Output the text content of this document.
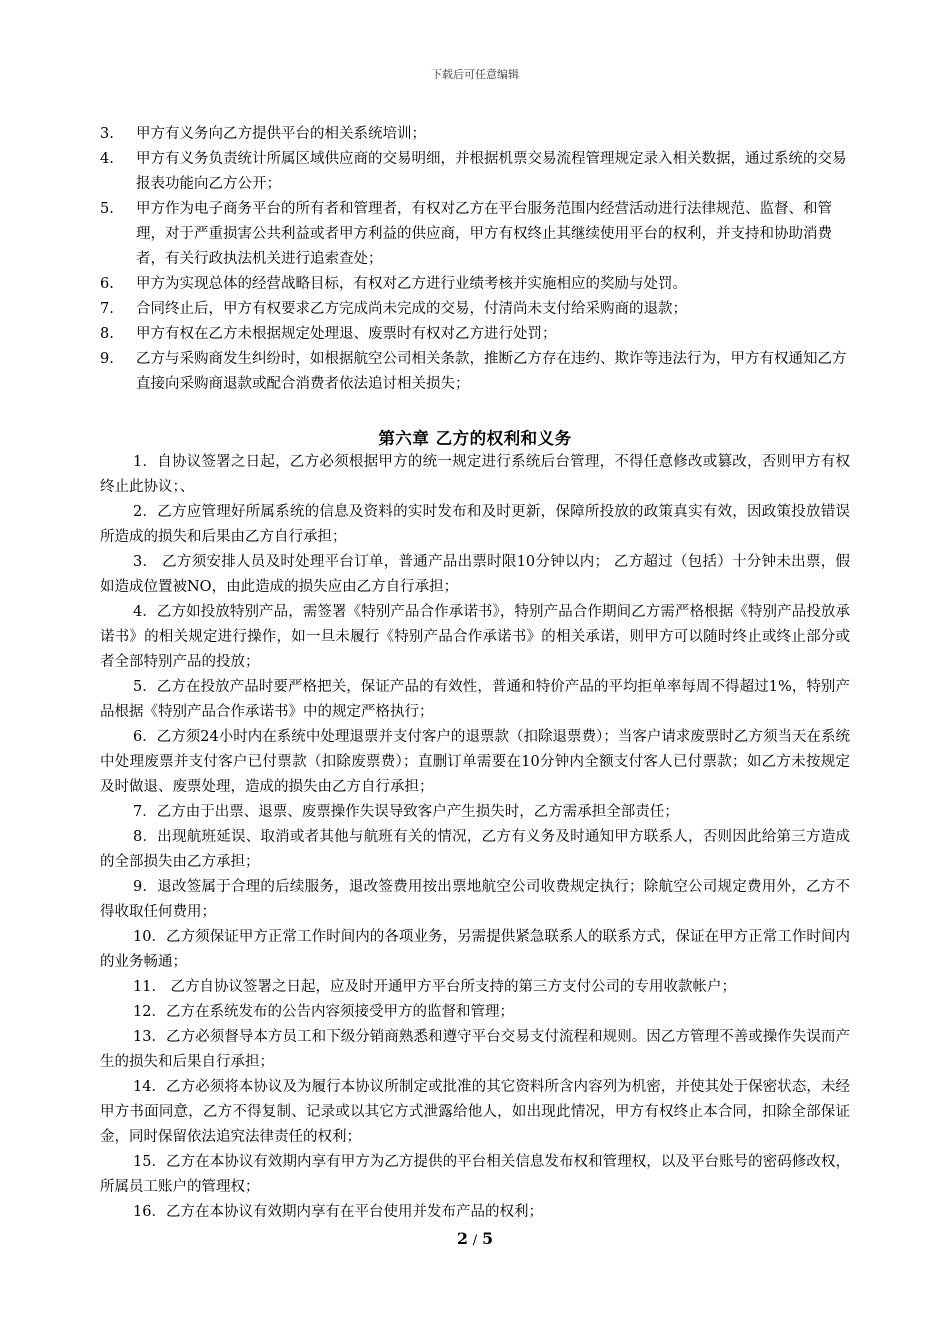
下载后可任意编辑
3. 甲方有义务向乙方提供平台的相关系统培训；
4. 甲方有义务负责统计所属区域供应商的交易明细，并根据机票交易流程管理规定录入相关数据，通过系统的交易报表功能向乙方公开；
5. 甲方作为电子商务平台的所有者和管理者，有权对乙方在平台服务范围内经营活动进行法律规范、监督、和管理，对于严重损害公共利益或者甲方利益的供应商，甲方有权终止其继续使用平台的权利，并支持和协助消费者，有关行政执法机关进行追索查处；
6. 甲方为实现总体的经营战略目标，有权对乙方进行业绩考核并实施相应的奖励与处罚。
7. 合同终止后，甲方有权要求乙方完成尚未完成的交易，付清尚未支付给采购商的退款；
8. 甲方有权在乙方未根据规定处理退、废票时有权对乙方进行处罚；
9. 乙方与采购商发生纠纷时，如根据航空公司相关条款，推断乙方存在违约、欺诈等违法行为，甲方有权通知乙方直接向采购商退款或配合消费者依法追讨相关损失；
第六章 乙方的权利和义务
1．自协议签署之日起，乙方必须根据甲方的统一规定进行系统后台管理，不得任意修改或篡改，否则甲方有权终止此协议；、
2．乙方应管理好所属系统的信息及资料的实时发布和及时更新，保障所投放的政策真实有效，因政策投放错误所造成的损失和后果由乙方自行承担；
3． 乙方须安排人员及时处理平台订单，普通产品出票时限10分钟以内； 乙方超过（包括）十分钟未出票，假如造成位置被NO，由此造成的损失应由乙方自行承担；
4．乙方如投放特别产品，需签署《特别产品合作承诺书》，特别产品合作期间乙方需严格根据《特别产品投放承诺书》的相关规定进行操作，如一旦未履行《特别产品合作承诺书》的相关承诺，则甲方可以随时终止或终止部分或者全部特别产品的投放；
5．乙方在投放产品时要严格把关，保证产品的有效性，普通和特价产品的平均拒单率每周不得超过1%，特别产品根据《特别产品合作承诺书》中的规定严格执行；
6．乙方须24小时内在系统中处理退票并支付客户的退票款（扣除退票费）；当客户请求废票时乙方须当天在系统中处理废票并支付客户已付票款（扣除废票费）；直删订单需要在10分钟内全额支付客人已付票款；如乙方未按规定及时做退、废票处理，造成的损失由乙方自行承担；
7．乙方由于出票、退票、废票操作失误导致客户产生损失时，乙方需承担全部责任；
8．出现航班延误、取消或者其他与航班有关的情况，乙方有义务及时通知甲方联系人，否则因此给第三方造成的全部损失由乙方承担；
9．退改签属于合理的后续服务，退改签费用按出票地航空公司收费规定执行；除航空公司规定费用外，乙方不得收取任何费用；
10．乙方须保证甲方正常工作时间内的各项业务，另需提供紧急联系人的联系方式，保证在甲方正常工作时间内的业务畅通；
11． 乙方自协议签署之日起，应及时开通甲方平台所支持的第三方支付公司的专用收款帐户；
12．乙方在系统发布的公告内容须接受甲方的监督和管理；
13．乙方必须督导本方员工和下级分销商熟悉和遵守平台交易支付流程和规则。因乙方管理不善或操作失误而产生的损失和后果自行承担；
14．乙方必须将本协议及为履行本协议所制定或批准的其它资料所含内容列为机密，并使其处于保密状态，未经甲方书面同意，乙方不得复制、记录或以其它方式泄露给他人，如出现此情况，甲方有权终止本合同，扣除全部保证金，同时保留依法追究法律责任的权利；
15．乙方在本协议有效期内享有甲方为乙方提供的平台相关信息发布权和管理权，以及平台账号的密码修改权，所属员工账户的管理权；
16．乙方在本协议有效期内享有在平台使用并发布产品的权利；
2 / 5
